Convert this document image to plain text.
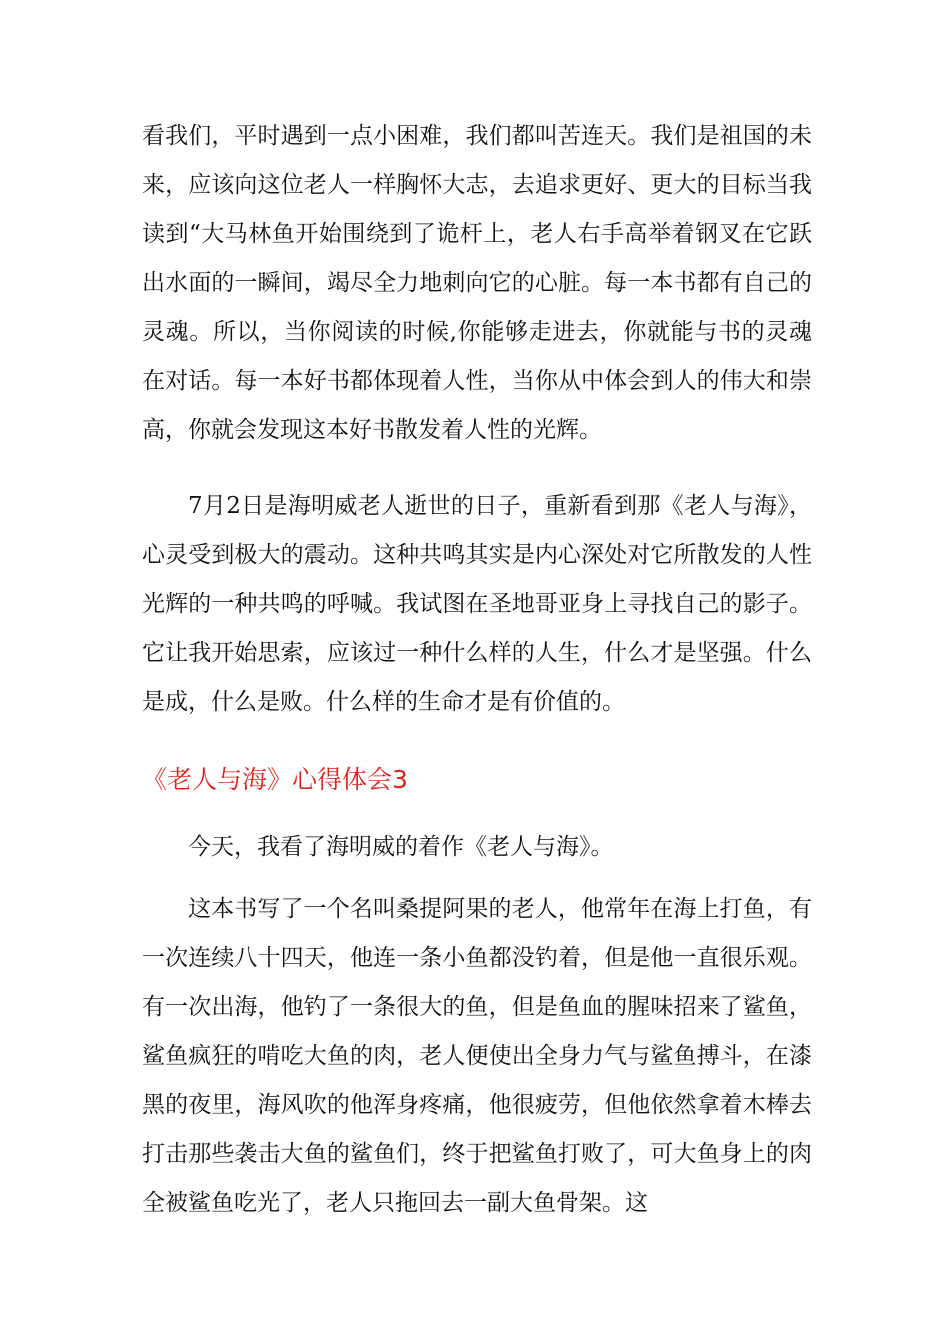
看我们，平时遇到一点小困难，我们都叫苦连天。我们是祖国的未来，应该向这位老人一样胸怀大志，去追求更好、更大的目标当我读到“大马林鱼开始围绕到了诡杆上，老人右手高举着钢叉在它跃出水面的一瞬间，竭尽全力地刺向它的心脏。每一本书都有自己的灵魂。所以，当你阅读的时候,你能够走进去，你就能与书的灵魂在对话。每一本好书都体现着人性，当你从中体会到人的伟大和崇高，你就会发现这本好书散发着人性的光辉。

7月2日是海明威老人逝世的日子，重新看到那《老人与海》，心灵受到极大的震动。这种共鸣其实是内心深处对它所散发的人性光辉的一种共鸣的呼喊。我试图在圣地哥亚身上寻找自己的影子。它让我开始思索，应该过一种什么样的人生，什么才是坚强。什么是成，什么是败。什么样的生命才是有价值的。

《老人与海》心得体会3

今天，我看了海明威的着作《老人与海》。

这本书写了一个名叫桑提阿果的老人，他常年在海上打鱼，有一次连续八十四天，他连一条小鱼都没钓着，但是他一直很乐观。有一次出海，他钓了一条很大的鱼，但是鱼血的腥味招来了鲨鱼，鲨鱼疯狂的啃吃大鱼的肉，老人便使出全身力气与鲨鱼搏斗，在漆黑的夜里，海风吹的他浑身疼痛，他很疲劳，但他依然拿着木棒去打击那些袭击大鱼的鲨鱼们，终于把鲨鱼打败了，可大鱼身上的肉全被鲨鱼吃光了，老人只拖回去一副大鱼骨架。这
